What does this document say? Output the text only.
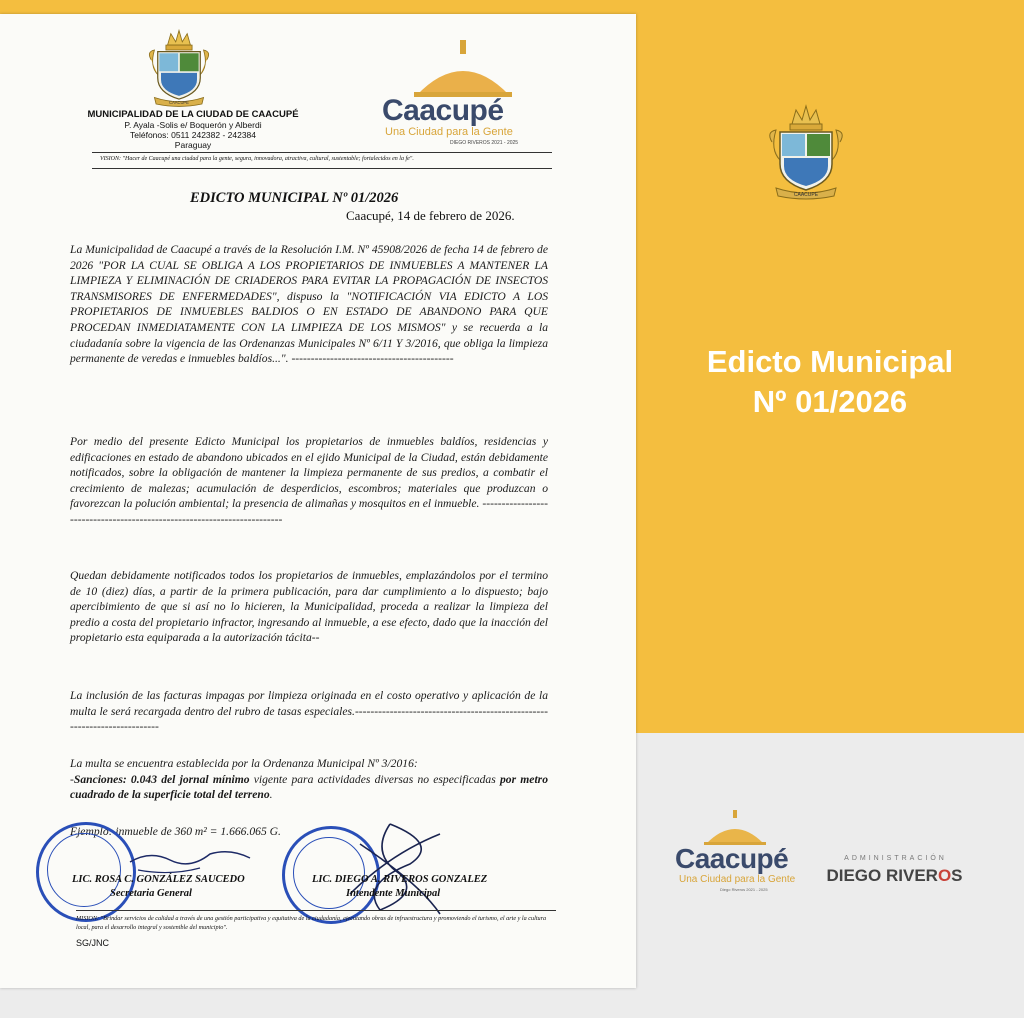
CAACUPE
Edicto Municipal
Nº 01/2026
Caacupé
Una Ciudad para la Gente
Diego Riveros 2021 - 2025
ADMINISTRACIÓN
DIEGO RIVEROS
CAACUPE
MUNICIPALIDAD DE LA CIUDAD DE CAACUPÉ
P. Ayala -Solis e/ Boquerón y Alberdi
Teléfonos: 0511 242382 - 242384
Paraguay
Caacupé
Una Ciudad para la Gente
DIEGO RIVEROS 2021 - 2025
VISION: "Hacer de Caacupé una ciudad para la gente, segura, innovadora, atractiva, cultural, sustentable; fortalecidos en la fe".
EDICTO MUNICIPAL Nº 01/2026
Caacupé, 14 de febrero de 2026.
La Municipalidad de Caacupé a través de la Resolución I.M. Nº 45908/2026 de fecha 14 de febrero de 2026 "POR LA CUAL SE OBLIGA A LOS PROPIETARIOS DE INMUEBLES A MANTENER LA LIMPIEZA Y ELIMINACIÓN DE CRIADEROS PARA EVITAR LA PROPAGACIÓN DE INSECTOS TRANSMISORES DE ENFERMEDADES", dispuso la "NOTIFICACIÓN VIA EDICTO A LOS PROPIETARIOS DE INMUEBLES BALDIOS O EN ESTADO DE ABANDONO PARA QUE PROCEDAN INMEDIATAMENTE CON LA LIMPIEZA DE LOS MISMOS" y se recuerda a la ciudadanía sobre la vigencia de las Ordenanzas Municipales Nº 6/11 Y 3/2016, que obliga la limpieza permanente de veredas e inmuebles baldíos...". ------------------------------------------
Por medio del presente Edicto Municipal los propietarios de inmuebles baldíos, residencias y edificaciones en estado de abandono ubicados en el ejido Municipal de la Ciudad, están debidamente notificados, sobre la obligación de mantener la limpieza permanente de sus predios, a combatir el crecimiento de malezas; acumulación de desperdicios, escombros; materiales que produzcan o favorezcan la polución ambiental; la presencia de alimañas y mosquitos en el inmueble. ------------------------------------------------------------------------
Quedan debidamente notificados todos los propietarios de inmuebles, emplazándolos por el termino de 10 (diez) días, a partir de la primera publicación, para dar cumplimiento a lo dispuesto; bajo apercibimiento de que si así no lo hicieren, la Municipalidad, proceda a realizar la limpieza del predio a costa del propietario infractor, ingresando al inmueble, a ese efecto, dado que la inacción del propietario esta equiparada a la autorización tácita--
La inclusión de las facturas impagas por limpieza originada en el costo operativo y aplicación de la multa le será recargada dentro del rubro de tasas especiales.-------------------------------------------------------------------------
La multa se encuentra establecida por la Ordenanza Municipal Nº 3/2016:
-Sanciones: 0.043 del jornal mínimo vigente para actividades diversas no especificadas por metro cuadrado de la superficie total del terreno.
Ejemplo: inmueble de 360 m² = 1.666.065 G.
LIC. ROSA C. GONZÁLEZ SAUCEDO
Secretaria General
LIC. DIEGO A. RIVEROS GONZALEZ
Intendente Municipal
MISION: "Brindar servicios de calidad a través de una gestión participativa y equitativa de la ciudadanía, ejecutando obras de infraestructura y promoviendo el turismo, el arte y la cultura local, para el desarrollo integral y sostenible del municipio".
SG/JNC
